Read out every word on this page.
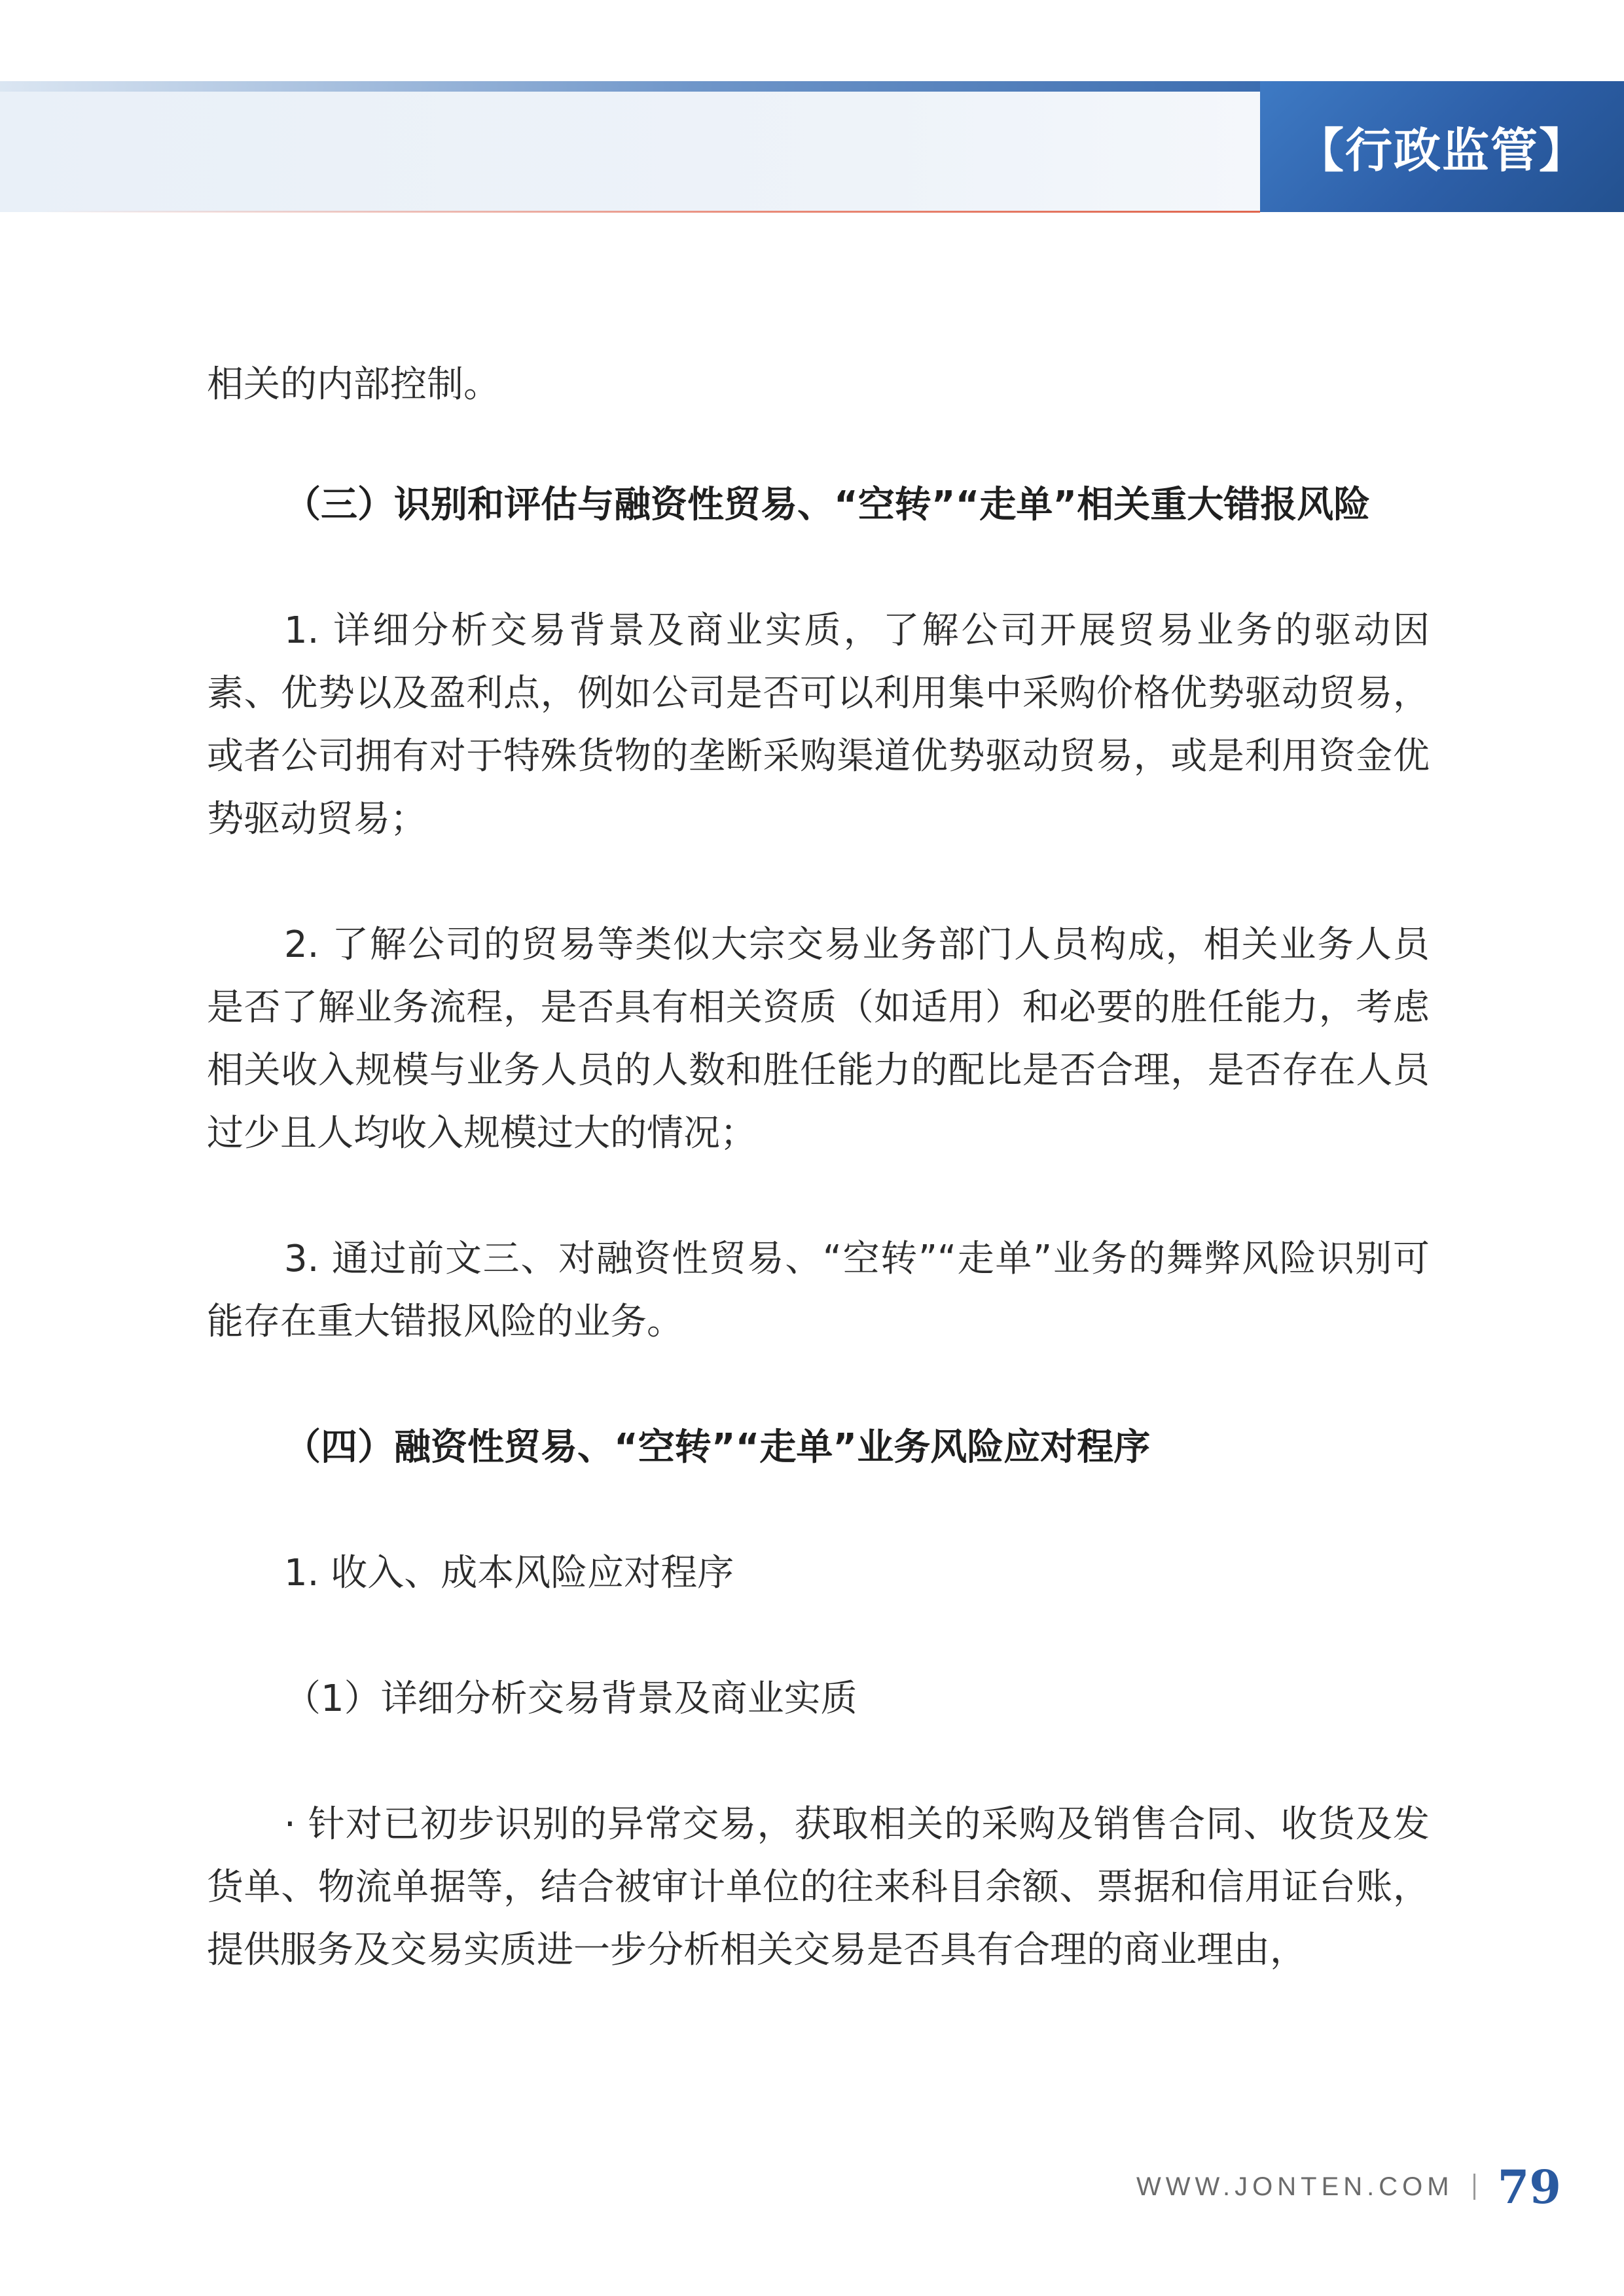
【行政监管】

相关的内部控制。

（三）识别和评估与融资性贸易、“空转”“走单”相关重大错报风险

1. 详细分析交易背景及商业实质，了解公司开展贸易业务的驱动因素、优势以及盈利点，例如公司是否可以利用集中采购价格优势驱动贸易，或者公司拥有对于特殊货物的垄断采购渠道优势驱动贸易，或是利用资金优势驱动贸易；

2. 了解公司的贸易等类似大宗交易业务部门人员构成，相关业务人员是否了解业务流程，是否具有相关资质（如适用）和必要的胜任能力，考虑相关收入规模与业务人员的人数和胜任能力的配比是否合理，是否存在人员过少且人均收入规模过大的情况；

3. 通过前文三、对融资性贸易、“空转”“走单”业务的舞弊风险识别可能存在重大错报风险的业务。

（四）融资性贸易、“空转”“走单”业务风险应对程序

1. 收入、成本风险应对程序

（1）详细分析交易背景及商业实质

· 针对已初步识别的异常交易，获取相关的采购及销售合同、收货及发货单、物流单据等，结合被审计单位的往来科目余额、票据和信用证台账，提供服务及交易实质进一步分析相关交易是否具有合理的商业理由，

WWW.JONTEN.COM 79
